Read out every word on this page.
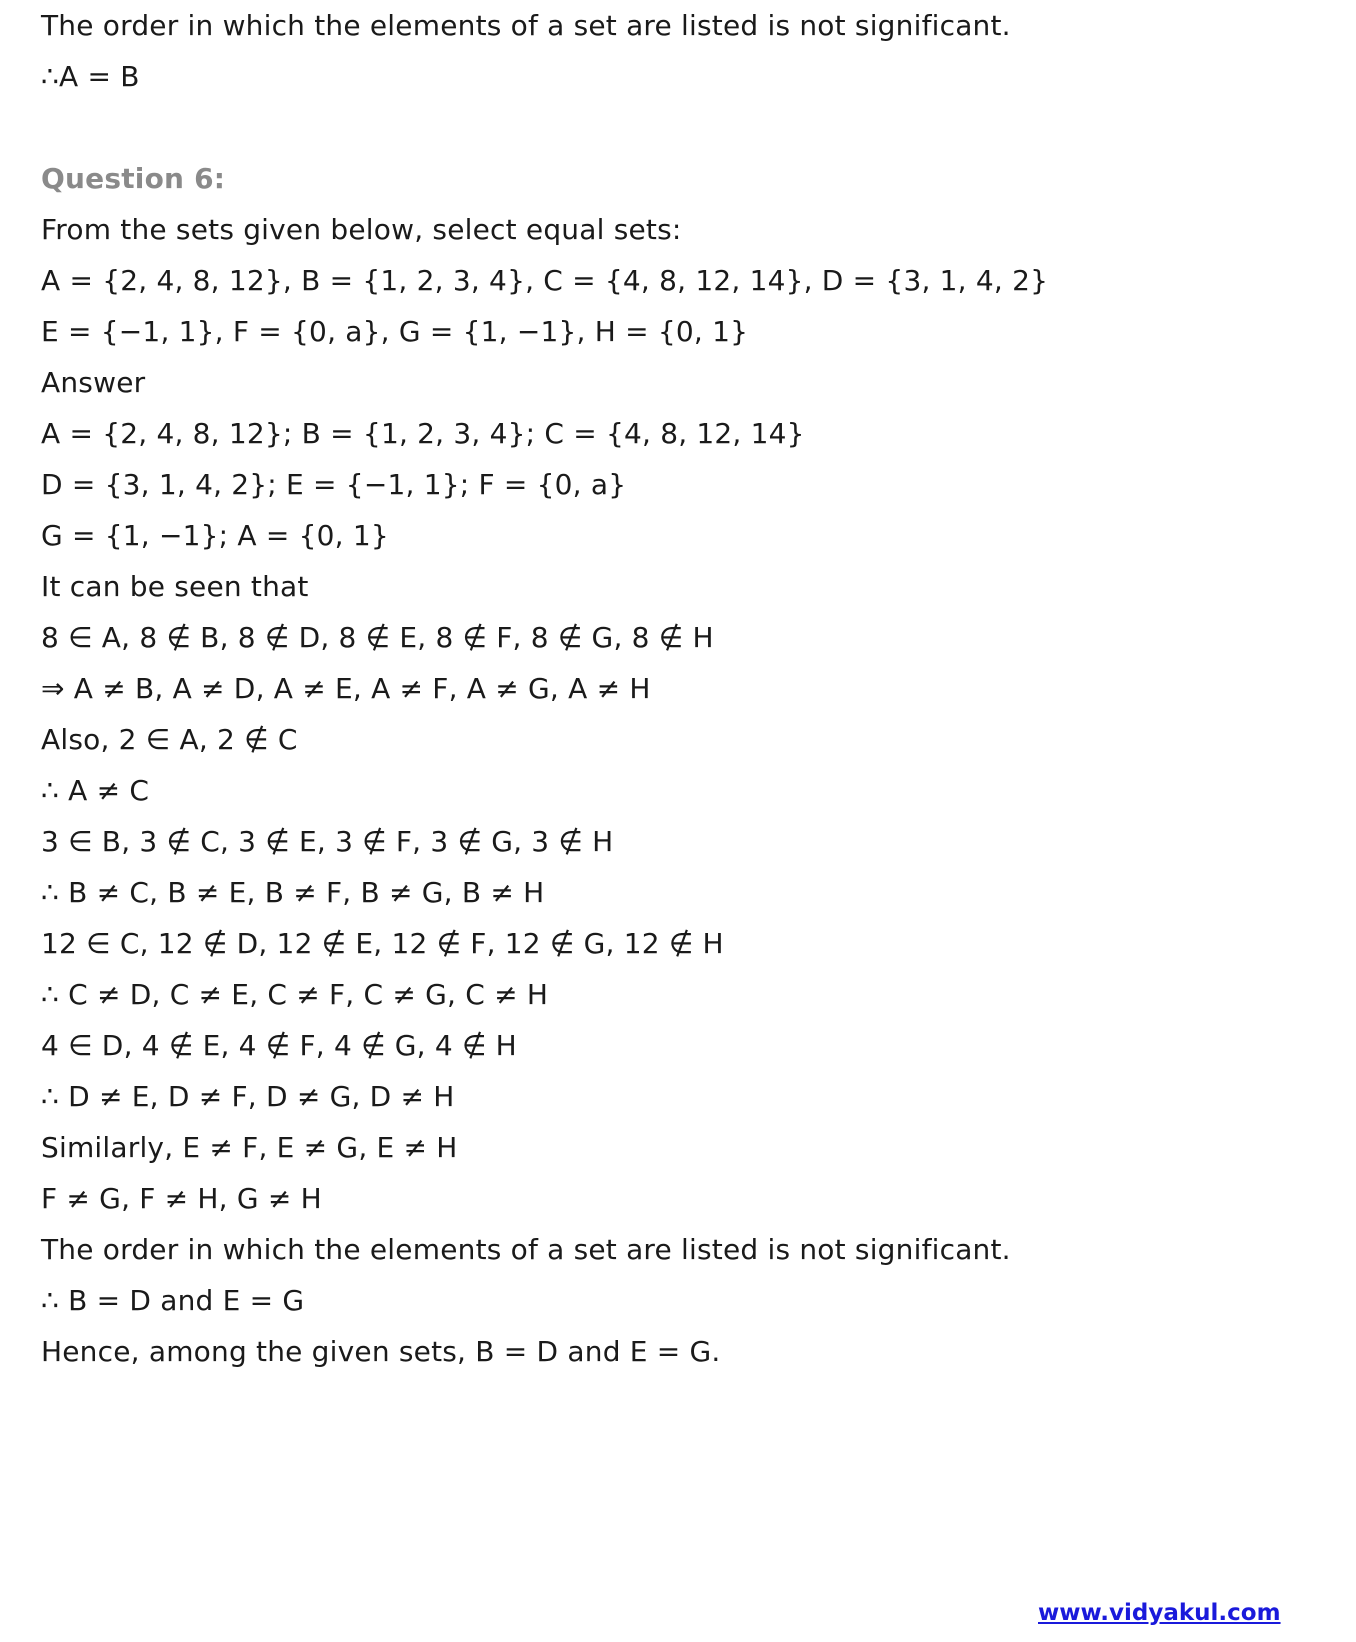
The order in which the elements of a set are listed is not significant.
∴A = B
Question 6:
From the sets given below, select equal sets:
A = {2, 4, 8, 12}, B = {1, 2, 3, 4}, C = {4, 8, 12, 14}, D = {3, 1, 4, 2}
E = {−1, 1}, F = {0, a}, G = {1, −1}, H = {0, 1}
Answer
A = {2, 4, 8, 12}; B = {1, 2, 3, 4}; C = {4, 8, 12, 14}
D = {3, 1, 4, 2}; E = {−1, 1}; F = {0, a}
G = {1, −1}; A = {0, 1}
It can be seen that
8 ∈ A, 8 ∉ B, 8 ∉ D, 8 ∉ E, 8 ∉ F, 8 ∉ G, 8 ∉ H
⇒ A ≠ B, A ≠ D, A ≠ E, A ≠ F, A ≠ G, A ≠ H
Also, 2 ∈ A, 2 ∉ C
∴ A ≠ C
3 ∈ B, 3 ∉ C, 3 ∉ E, 3 ∉ F, 3 ∉ G, 3 ∉ H
∴ B ≠ C, B ≠ E, B ≠ F, B ≠ G, B ≠ H
12 ∈ C, 12 ∉ D, 12 ∉ E, 12 ∉ F, 12 ∉ G, 12 ∉ H
∴ C ≠ D, C ≠ E, C ≠ F, C ≠ G, C ≠ H
4 ∈ D, 4 ∉ E, 4 ∉ F, 4 ∉ G, 4 ∉ H
∴ D ≠ E, D ≠ F, D ≠ G, D ≠ H
Similarly, E ≠ F, E ≠ G, E ≠ H
F ≠ G, F ≠ H, G ≠ H
The order in which the elements of a set are listed is not significant.
∴ B = D and E = G
Hence, among the given sets, B = D and E = G.
www.vidyakul.com
